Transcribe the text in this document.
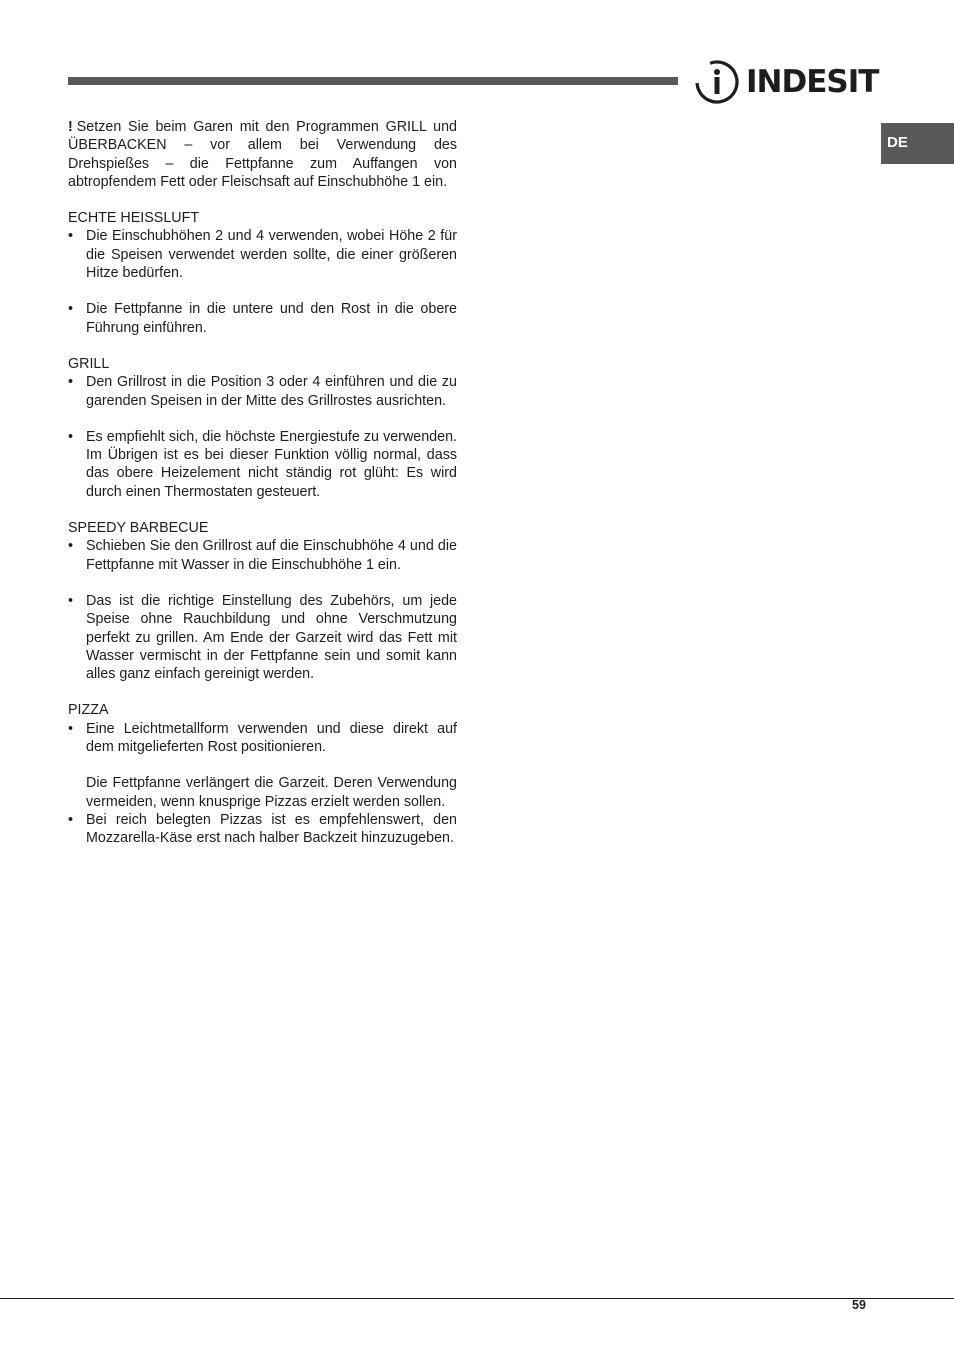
INDESIT
DE

! Setzen Sie beim Garen mit den Programmen GRILL und ÜBERBACKEN – vor allem bei Verwendung des Drehspießes – die Fettpfanne zum Auffangen von abtropfendem Fett oder Fleischsaft auf Einschubhöhe 1 ein.

ECHTE HEISSLUFT

• Die Einschubhöhen 2 und 4 verwenden, wobei Höhe 2 für die Speisen verwendet werden sollte, die einer größeren Hitze bedürfen.
• Die Fettpfanne in die untere und den Rost in die obere Führung einführen.

GRILL

• Den Grillrost in die Position 3 oder 4 einführen und die zu garenden Speisen in der Mitte des Grillrostes ausrichten.
• Es empfiehlt sich, die höchste Energiestufe zu verwenden. Im Übrigen ist es bei dieser Funktion völlig normal, dass das obere Heizelement nicht ständig rot glüht: Es wird durch einen Thermostaten gesteuert.

SPEEDY BARBECUE

• Schieben Sie den Grillrost auf die Einschubhöhe 4 und die Fettpfanne mit Wasser in die Einschubhöhe 1 ein.
• Das ist die richtige Einstellung des Zubehörs, um jede Speise ohne Rauchbildung und ohne Verschmutzung perfekt zu grillen. Am Ende der Garzeit wird das Fett mit Wasser vermischt in der Fettpfanne sein und somit kann alles ganz einfach gereinigt werden.

PIZZA

• Eine Leichtmetallform verwenden und diese direkt auf dem mitgelieferten Rost positionieren.

Die Fettpfanne verlängert die Garzeit. Deren Verwendung vermeiden, wenn knusprige Pizzas erzielt werden sollen.

• Bei reich belegten Pizzas ist es empfehlenswert, den Mozzarella-Käse erst nach halber Backzeit hinzuzugeben.
59
